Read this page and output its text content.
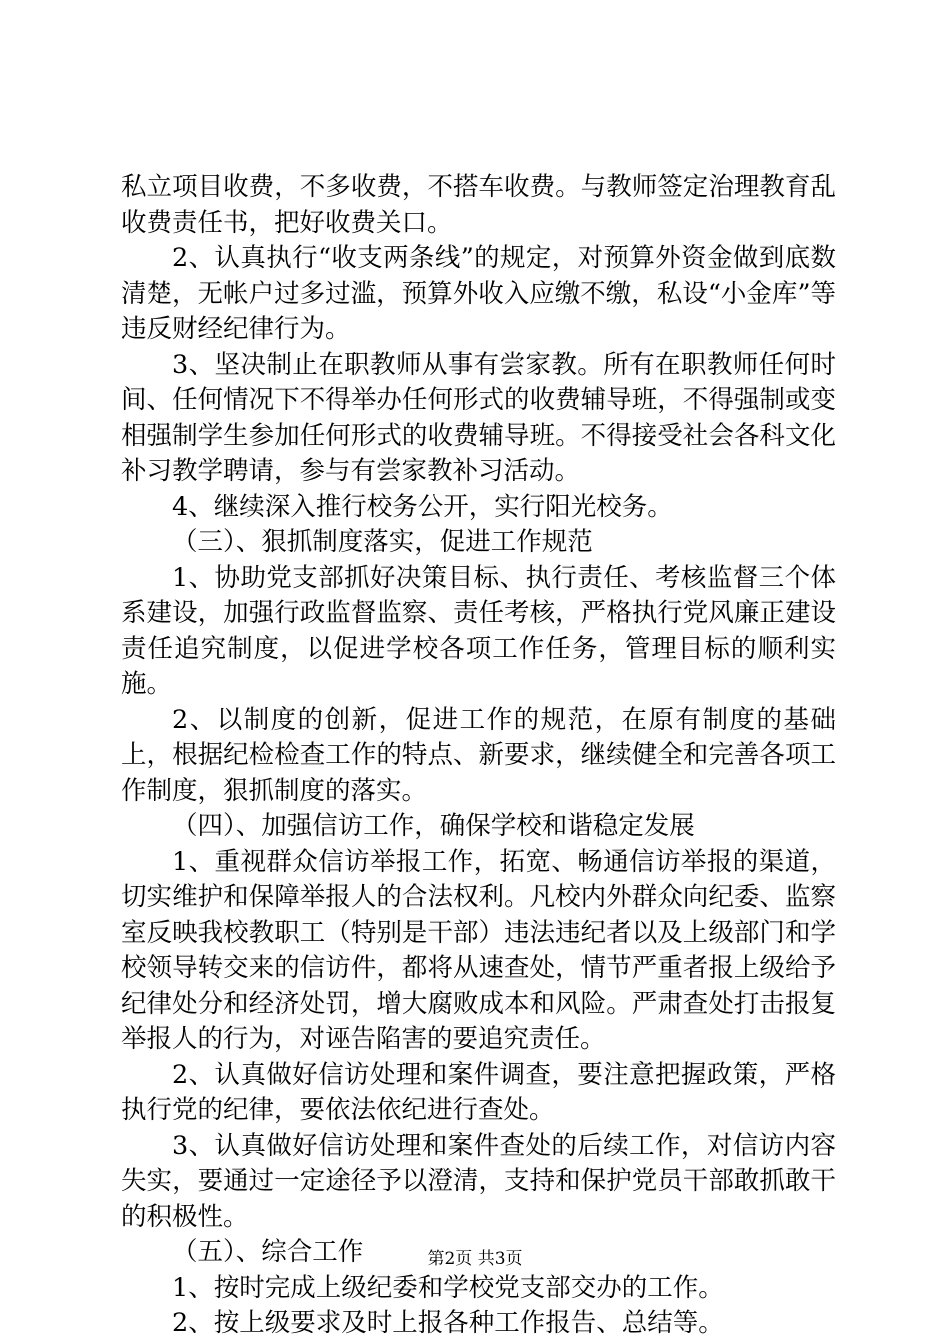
私立项目收费，不多收费，不搭车收费。与教师签定治理教育乱收费责任书，把好收费关口。

2、认真执行“收支两条线”的规定，对预算外资金做到底数清楚，无帐户过多过滥，预算外收入应缴不缴，私设“小金库”等违反财经纪律行为。

3、坚决制止在职教师从事有尝家教。所有在职教师任何时间、任何情况下不得举办任何形式的收费辅导班，不得强制或变相强制学生参加任何形式的收费辅导班。不得接受社会各科文化补习教学聘请，参与有尝家教补习活动。

4、继续深入推行校务公开，实行阳光校务。

（三）、狠抓制度落实，促进工作规范

1、协助党支部抓好决策目标、执行责任、考核监督三个体系建设，加强行政监督监察、责任考核，严格执行党风廉正建设责任追究制度，以促进学校各项工作任务，管理目标的顺利实施。

2、以制度的创新，促进工作的规范，在原有制度的基础上，根据纪检检查工作的特点、新要求，继续健全和完善各项工作制度，狠抓制度的落实。

（四）、加强信访工作，确保学校和谐稳定发展

1、重视群众信访举报工作，拓宽、畅通信访举报的渠道，切实维护和保障举报人的合法权利。凡校内外群众向纪委、监察室反映我校教职工（特别是干部）违法违纪者以及上级部门和学校领导转交来的信访件，都将从速查处，情节严重者报上级给予纪律处分和经济处罚，增大腐败成本和风险。严肃查处打击报复举报人的行为，对诬告陷害的要追究责任。

2、认真做好信访处理和案件调查，要注意把握政策，严格执行党的纪律，要依法依纪进行查处。

3、认真做好信访处理和案件查处的后续工作，对信访内容失实，要通过一定途径予以澄清，支持和保护党员干部敢抓敢干的积极性。

（五）、综合工作

1、按时完成上级纪委和学校党支部交办的工作。

2、按上级要求及时上报各种工作报告、总结等。

第2页 共3页
